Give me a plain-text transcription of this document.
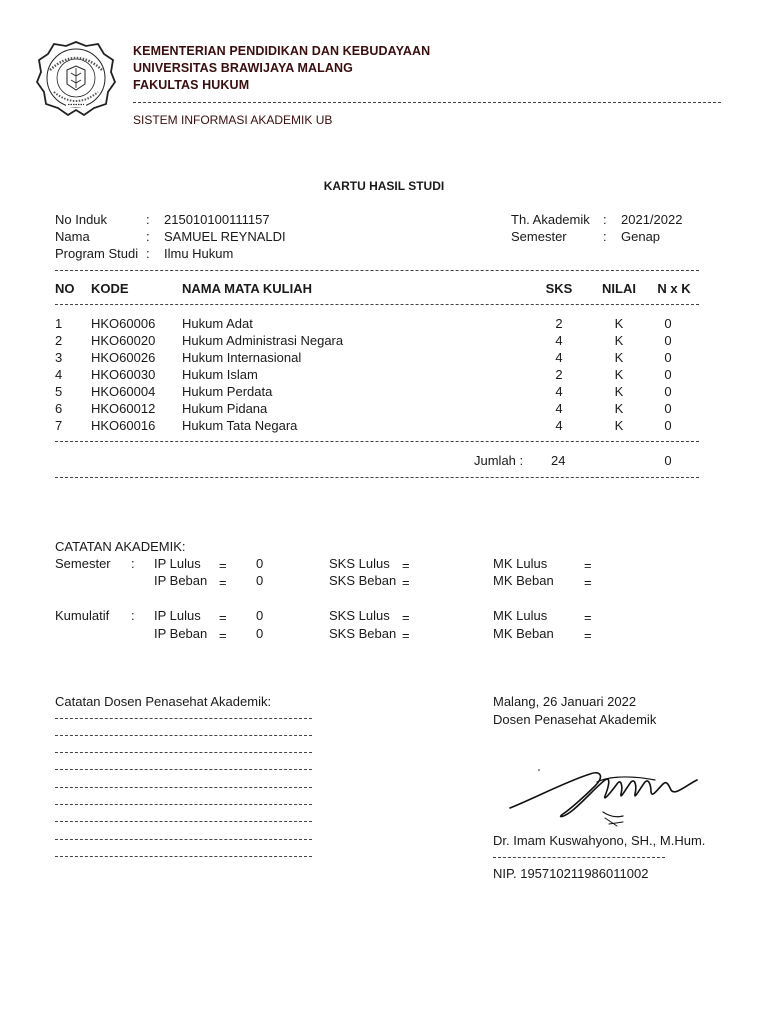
KEMENTERIAN PENDIDIKAN DAN KEBUDAYAAN
UNIVERSITAS BRAWIJAYA MALANG
FAKULTAS HUKUM
SISTEM INFORMASI AKADEMIK UB
KARTU HASIL STUDI
No Induk	: 215010100111157
Nama	: SAMUEL REYNALDI
Program Studi : Ilmu Hukum
Th. Akademik : 2021/2022
Semester	: Genap
NO KODE	NAMA MATA KULIAH	SKS	NILAI	N x K
1 HKO60006 Hukum Adat	2	K	0
2 HKO60020 Hukum Administrasi Negara	4	K	0
3 HKO60026 Hukum Internasional	4	K	0
4 HKO60030 Hukum Islam	2	K	0
5 HKO60004 Hukum Perdata	4	K	0
6 HKO60012 Hukum Pidana	4	K	0
7 HKO60016 Hukum Tata Negara	4	K	0
Jumlah : 24	0
CATATAN AKADEMIK:
Semester : IP Lulus = 0	SKS Lulus =	MK Lulus	=
IP Beban = 0	SKS Beban =	MK Beban =
Kumulatif : IP Lulus = 0	SKS Lulus =	MK Lulus	=
IP Beban = 0	SKS Beban =	MK Beban =
Catatan Dosen Penasehat Akademik:	Malang, 26 Januari 2022
Dosen Penasehat Akademik
Dr. Imam Kuswahyono, SH., M.Hum.
NIP. 195710211986011002
